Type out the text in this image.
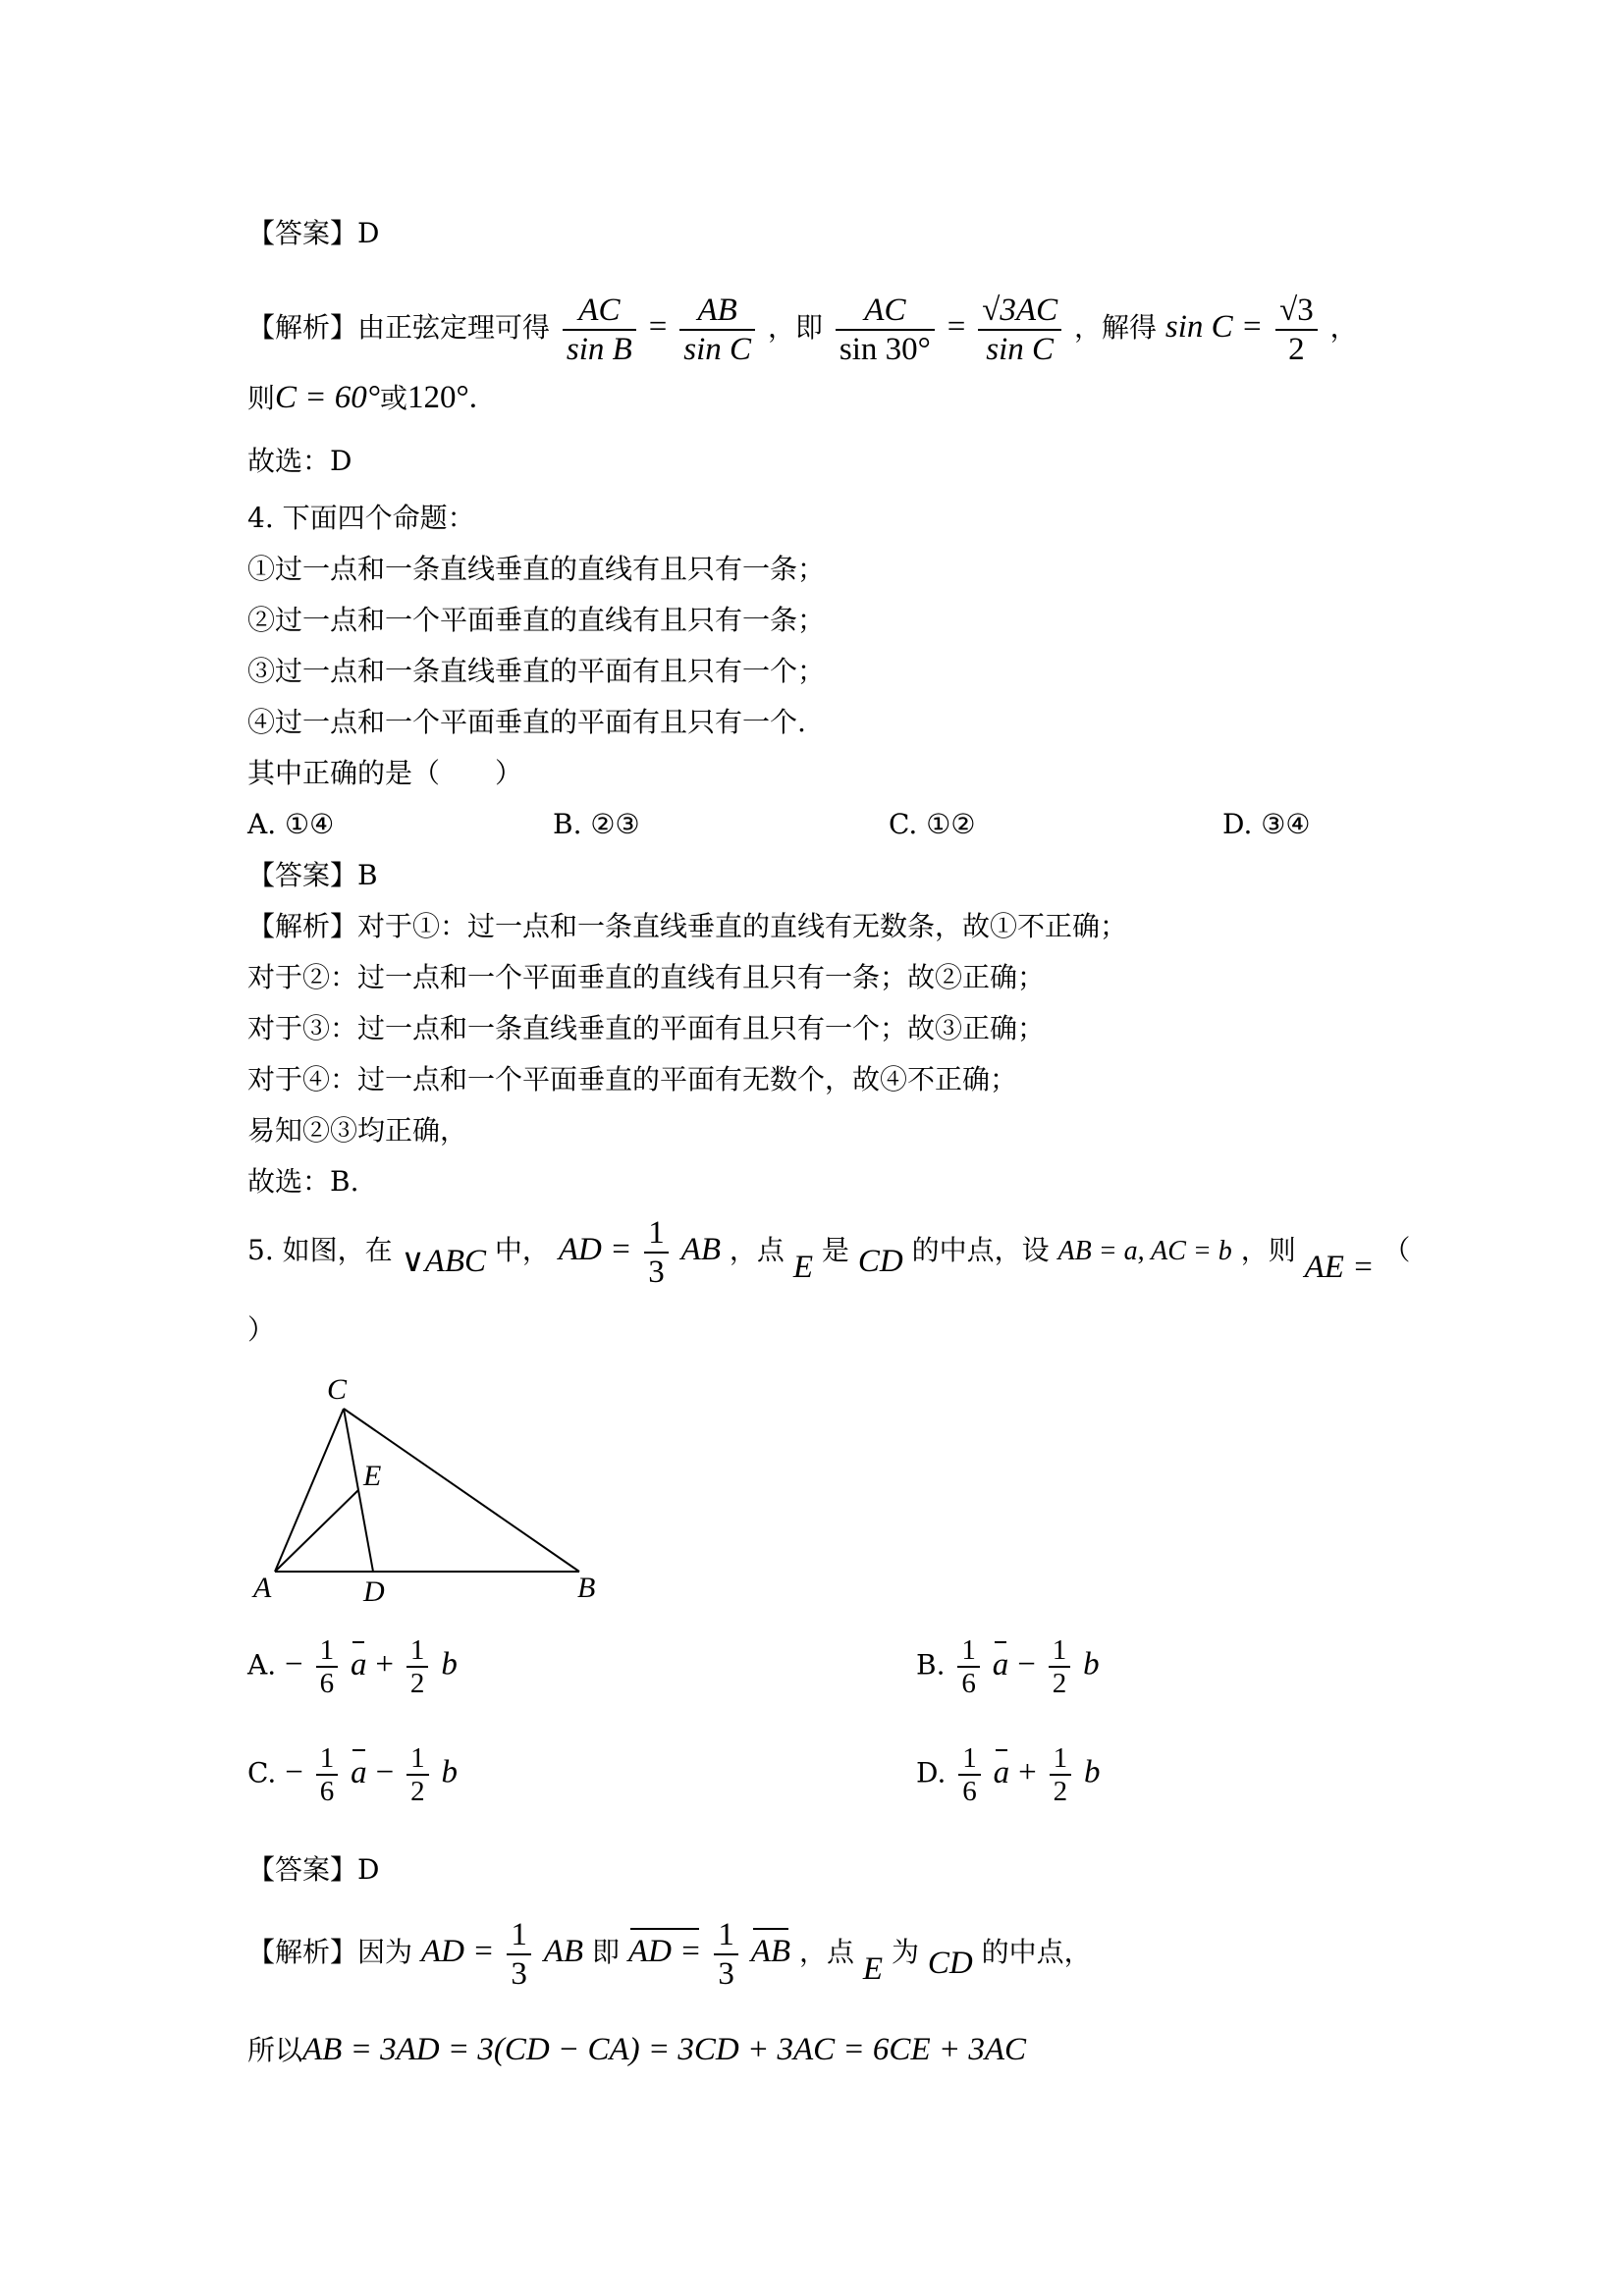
【答案】D
【解析】由正弦定理可得 $\frac{AC}{\text{sin B}} = \frac{AB}{\text{sin C}}$ ，即 $\frac{AC}{\sin 30^\circ} = \frac{√3AC}{\text{sin C}}$ ，解得 $\sin C = \frac{√3}{2}$ ，
则C = 60°或120°.
故选：D
4. 下面四个命题：
①过一点和一条直线垂直的直线有且只有一条；
②过一点和一个平面垂直的直线有且只有一条；
③过一点和一条直线垂直的平面有且只有一个；
④过一点和一个平面垂直的平面有且只有一个.
其中正确的是（　　）
A. ①④	B. ②③	C. ①②	D. ③④
【答案】B
【解析】对于①：过一点和一条直线垂直的直线有无数条，故①不正确；
对于②：过一点和一个平面垂直的直线有且只有一条；故②正确；
对于③：过一点和一条直线垂直的平面有且只有一个；故③正确；
对于④：过一点和一个平面垂直的平面有无数个，故④不正确；
易知②③均正确，
故选：B.
5. 如图，在 ∨ABC 中， AD = $\frac{1}{3}$ AB ，点 E 是 CD 的中点，设 AB = a, AC = b ，则 AE = （
）
C
E
A	D	B
A. − $\frac{1}{6}$ $a + \frac{1}{2}$ b	B. $\frac{1}{6}$ $a - \frac{1}{2}$ b
C. − $\frac{1}{6}$ $a - \frac{1}{2}$ b	D. $\frac{1}{6}$ $a + \frac{1}{2}$ b
【答案】D
【解析】因为 AD = $\frac{1}{3}$ AB 即 AD = $\frac{1}{3}$ AB ，点 E 为 CD 的中点，
所以AB = 3AD = 3(CD − CA) = 3CD + 3AC = 6CE + 3AC
